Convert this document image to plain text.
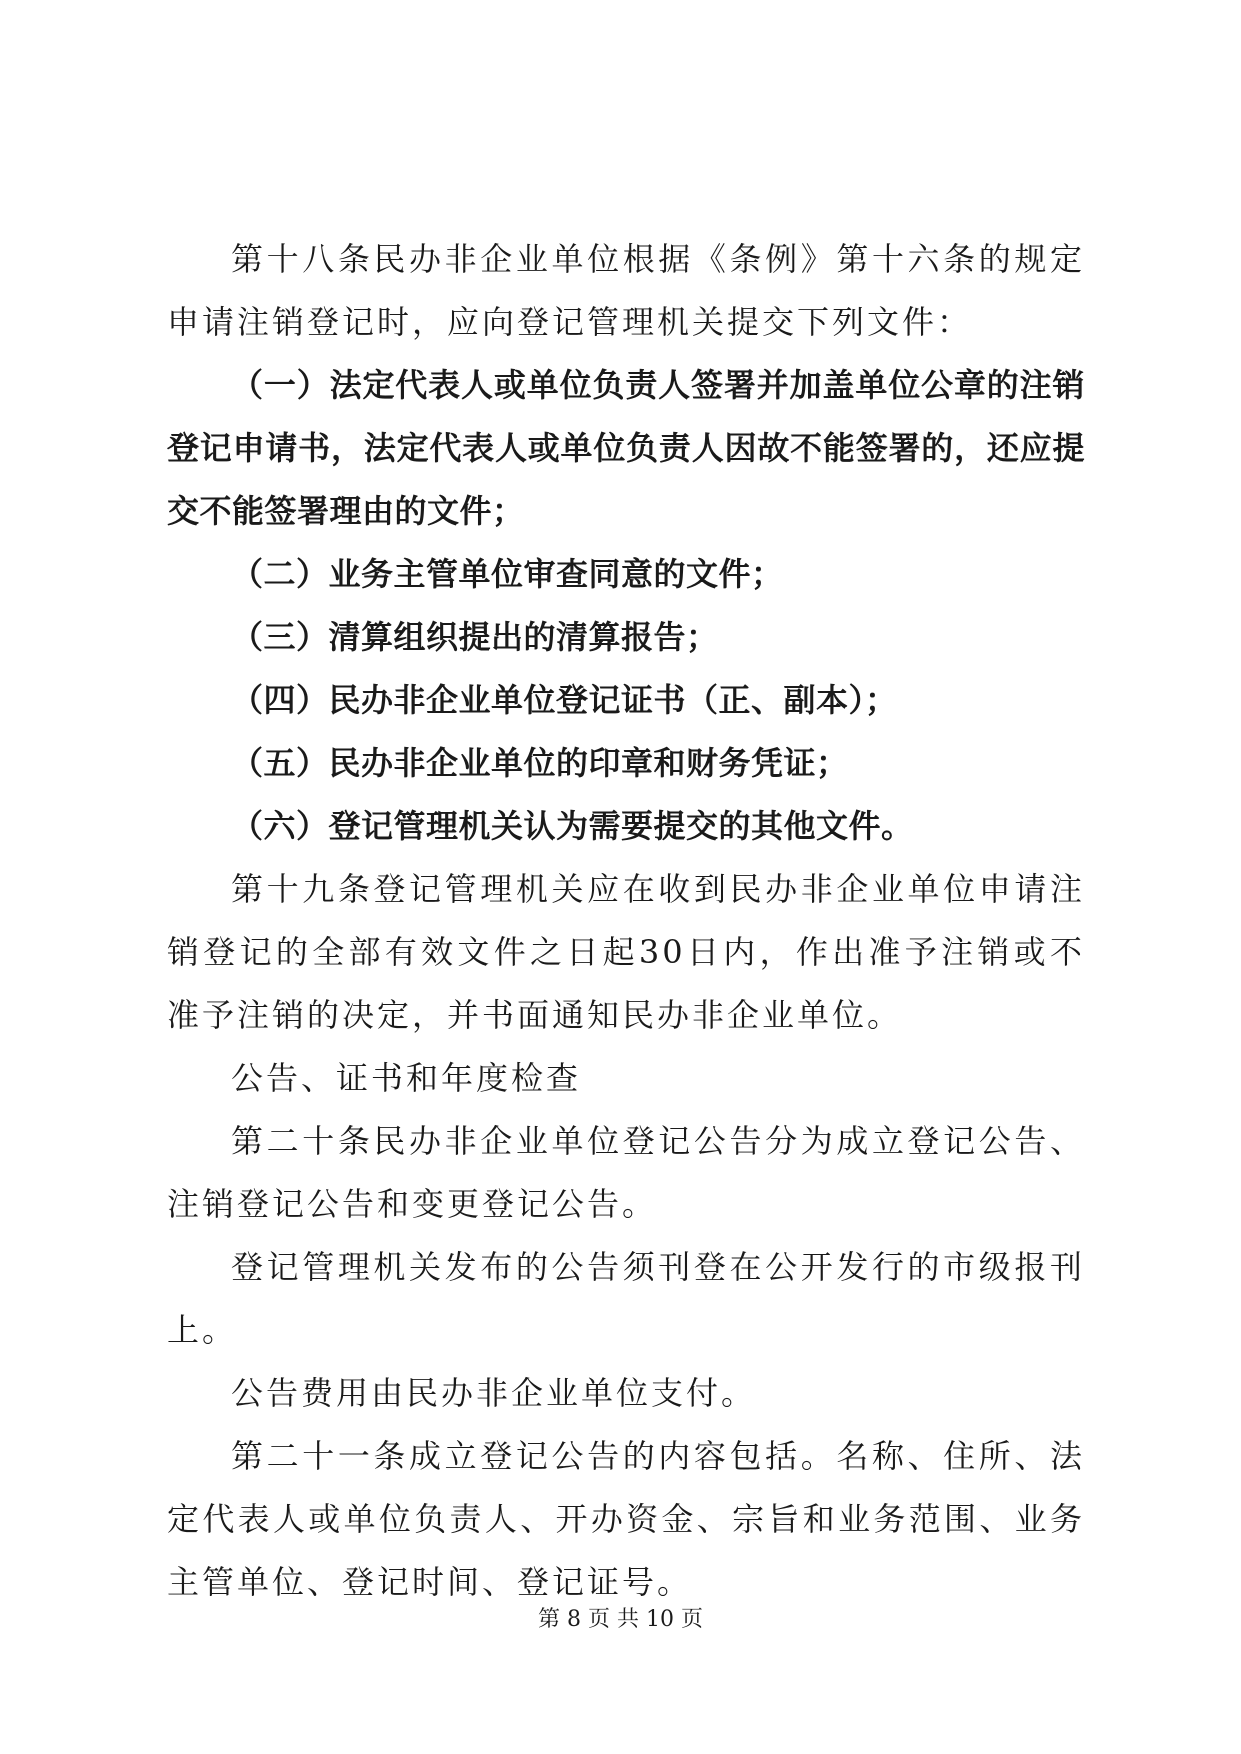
第十八条民办非企业单位根据《条例》第十六条的规定申请注销登记时，应向登记管理机关提交下列文件：

（一）法定代表人或单位负责人签署并加盖单位公章的注销登记申请书，法定代表人或单位负责人因故不能签署的，还应提交不能签署理由的文件；

（二）业务主管单位审查同意的文件；

（三）清算组织提出的清算报告；

（四）民办非企业单位登记证书（正、副本）；

（五）民办非企业单位的印章和财务凭证；

（六）登记管理机关认为需要提交的其他文件。

第十九条登记管理机关应在收到民办非企业单位申请注销登记的全部有效文件之日起30日内，作出准予注销或不准予注销的决定，并书面通知民办非企业单位。

公告、证书和年度检查

第二十条民办非企业单位登记公告分为成立登记公告、注销登记公告和变更登记公告。

登记管理机关发布的公告须刊登在公开发行的市级报刊上。

公告费用由民办非企业单位支付。

第二十一条成立登记公告的内容包括。名称、住所、法定代表人或单位负责人、开办资金、宗旨和业务范围、业务主管单位、登记时间、登记证号。

第 8 页 共 10 页
